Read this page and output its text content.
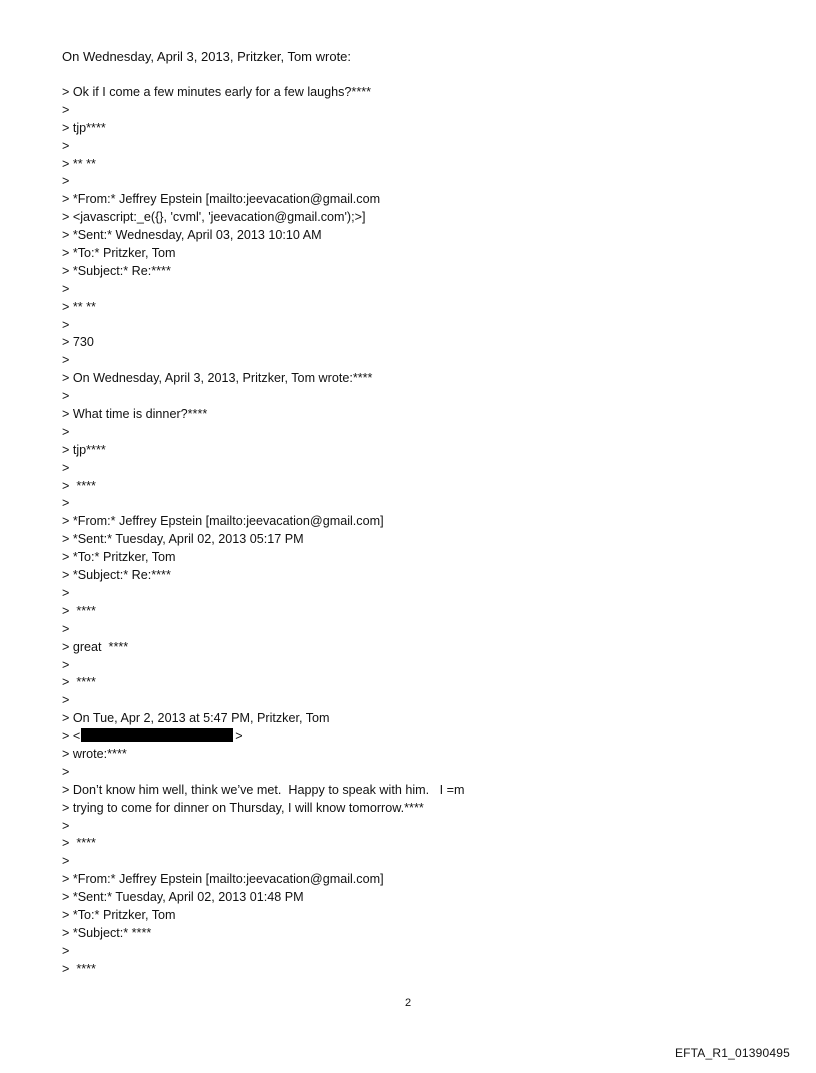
On Wednesday, April 3, 2013, Pritzker, Tom wrote:
> Ok if I come a few minutes early for a few laughs?****
>
> tjp****
>
> ** **
>
> *From:* Jeffrey Epstein [mailto:jeevacation@gmail.com
> <javascript:_e({}, 'cvml', 'jeevacation@gmail.com');>]
> *Sent:* Wednesday, April 03, 2013 10:10 AM
> *To:* Pritzker, Tom
> *Subject:* Re:****
>
> ** **
>
> 730
>
> On Wednesday, April 3, 2013, Pritzker, Tom wrote:****
>
> What time is dinner?****
>
> tjp****
>
>  ****
>
> *From:* Jeffrey Epstein [mailto:jeevacation@gmail.com]
> *Sent:* Tuesday, April 02, 2013 05:17 PM
> *To:* Pritzker, Tom
> *Subject:* Re:****
>
>  ****
>
> great  ****
>
>  ****
>
> On Tue, Apr 2, 2013 at 5:47 PM, Pritzker, Tom
> <	>
> wrote:****
>
> Don’t know him well, think we’ve met.  Happy to speak with him.   I =m
> trying to come for dinner on Thursday, I will know tomorrow.****
>
>  ****
>
> *From:* Jeffrey Epstein [mailto:jeevacation@gmail.com]
> *Sent:* Tuesday, April 02, 2013 01:48 PM
> *To:* Pritzker, Tom
> *Subject:* ****
>
>  ****
2
EFTA_R1_01390495
